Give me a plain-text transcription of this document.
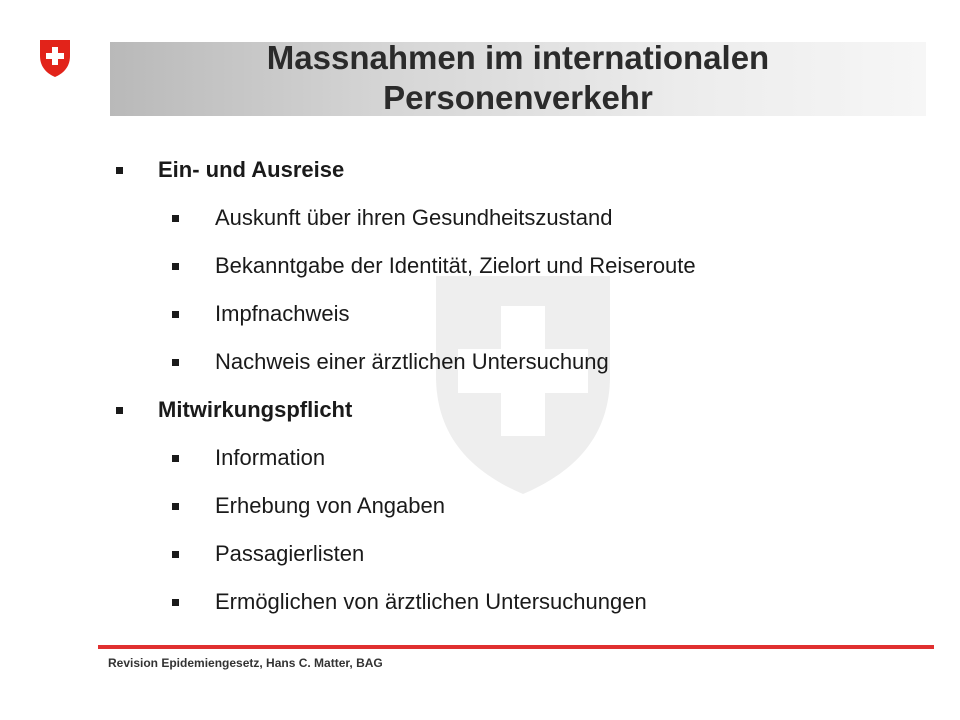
Massnahmen im internationalen
Personenverkehr
Ein- und Ausreise
Auskunft über ihren Gesundheitszustand
Bekanntgabe der Identität, Zielort und Reiseroute
Impfnachweis
Nachweis einer ärztlichen Untersuchung
Mitwirkungspflicht
Information
Erhebung von Angaben
Passagierlisten
Ermöglichen von ärztlichen Untersuchungen
Revision Epidemiengesetz, Hans C. Matter, BAG
